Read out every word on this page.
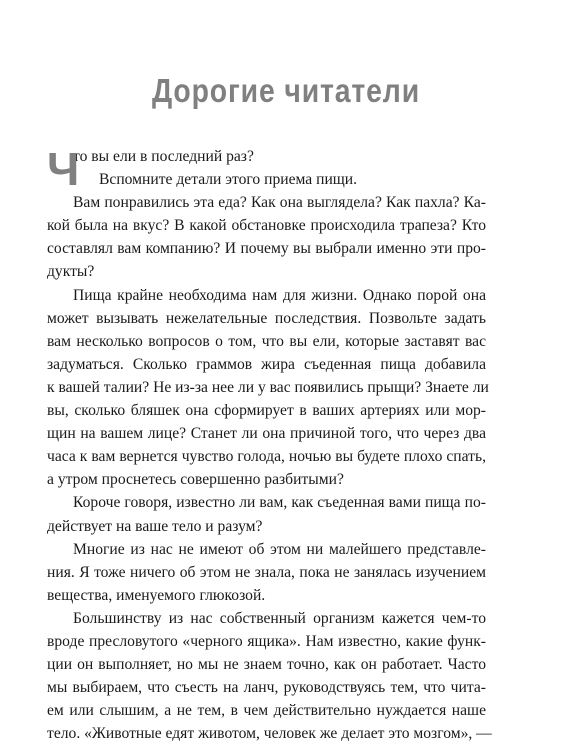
Дорогие читатели
Ч
то вы ели в последний раз?
Вспомните детали этого приема пищи.
Вам понравились эта еда? Как она выглядела? Как пахла? Ка-
кой была на вкус? В какой обстановке происходила трапеза? Кто
составлял вам компанию? И почему вы выбрали именно эти про-
дукты?
Пища крайне необходима нам для жизни. Однако порой она
может вызывать нежелательные последствия. Позвольте задать
вам несколько вопросов о том, что вы ели, которые заставят вас
задуматься. Сколько граммов жира съеденная пища добавила
к вашей талии? Не из-за нее ли у вас появились прыщи? Знаете ли
вы, сколько бляшек она сформирует в ваших артериях или мор-
щин на вашем лице? Станет ли она причиной того, что через два
часа к вам вернется чувство голода, ночью вы будете плохо спать,
а утром проснетесь совершенно разбитыми?
Короче говоря, известно ли вам, как съеденная вами пища по-
действует на ваше тело и разум?
Многие из нас не имеют об этом ни малейшего представле-
ния. Я тоже ничего об этом не знала, пока не занялась изучением
вещества, именуемого глюкозой.
Большинству из нас собственный организм кажется чем-то
вроде пресловутого «черного ящика». Нам известно, какие функ-
ции он выполняет, но мы не знаем точно, как он работает. Часто
мы выбираем, что съесть на ланч, руководствуясь тем, что чита-
ем или слышим, а не тем, в чем действительно нуждается наше
тело. «Животные едят животом, человек же делает это мозгом», —
